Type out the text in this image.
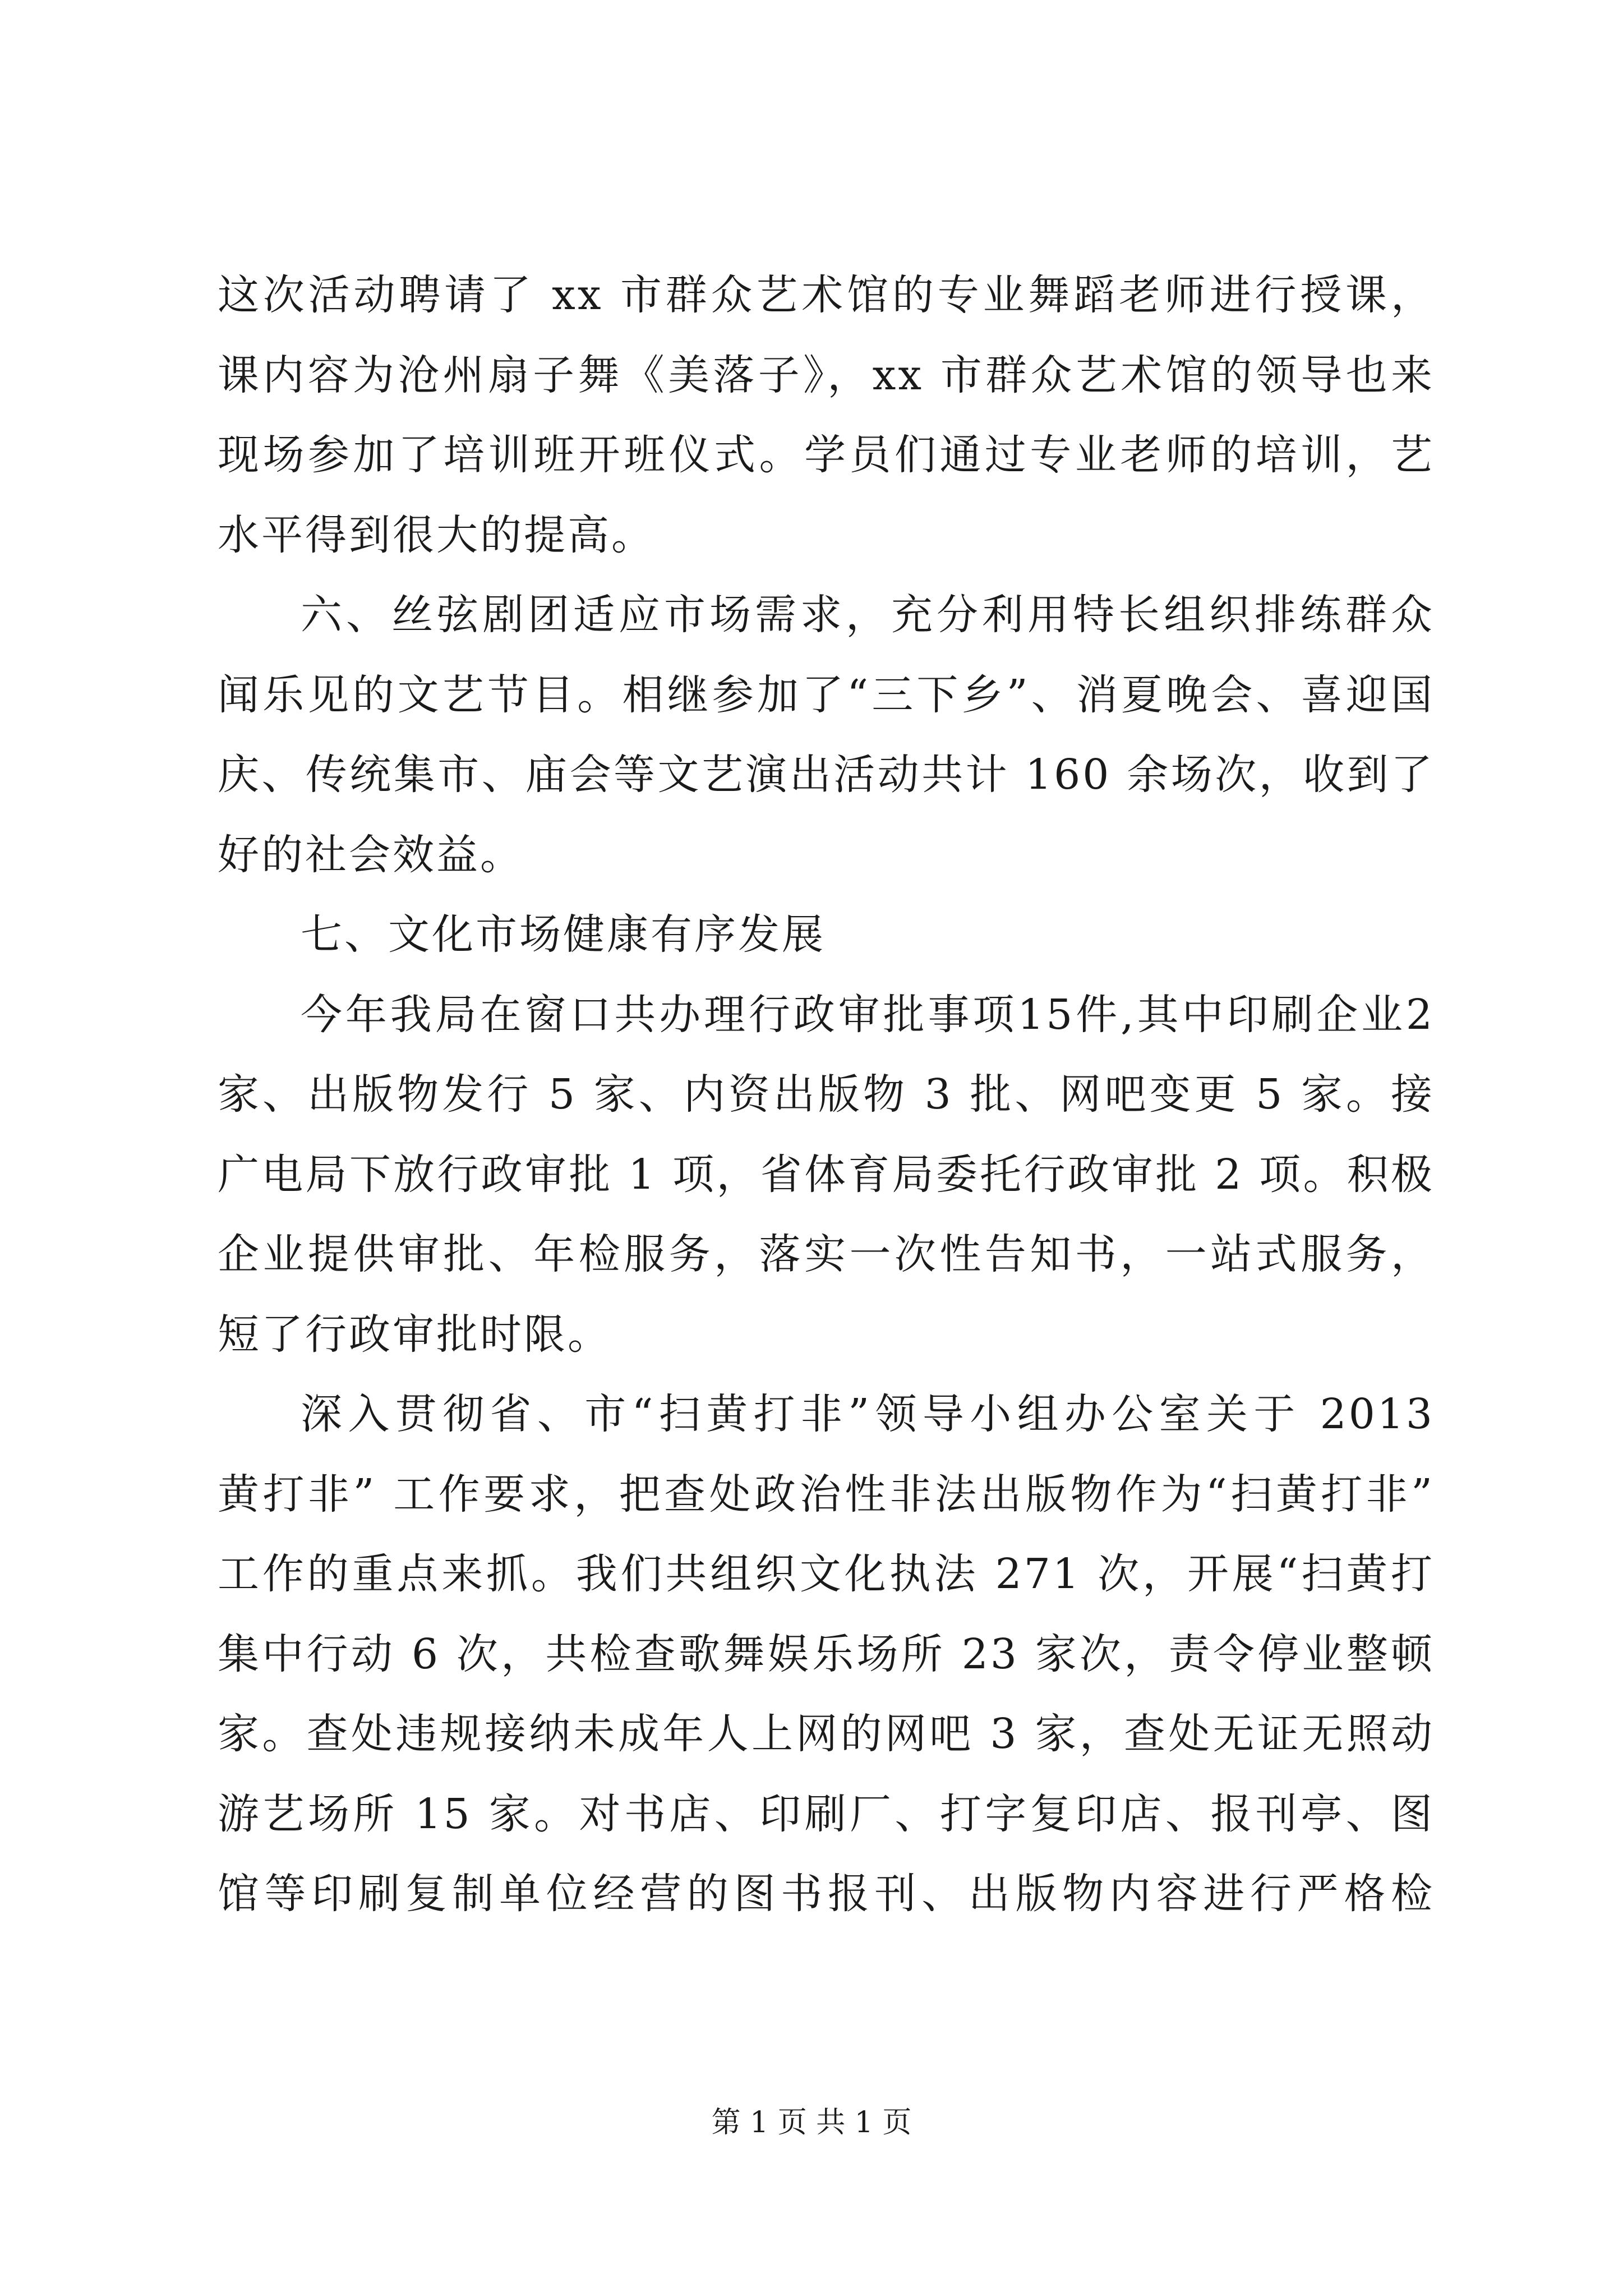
这次活动聘请了 xx 市群众艺术馆的专业舞蹈老师进行授课，
课内容为沧州扇子舞《美落子》，xx 市群众艺术馆的领导也来
现场参加了培训班开班仪式。学员们通过专业老师的培训，艺
水平得到很大的提高。
六、丝弦剧团适应市场需求，充分利用特长组织排练群众
闻乐见的文艺节目。相继参加了“三下乡”、消夏晚会、喜迎国
庆、传统集市、庙会等文艺演出活动共计 160 余场次，收到了
好的社会效益。
七、文化市场健康有序发展
今年我局在窗口共办理行政审批事项15件,其中印刷企业2
家、出版物发行 5 家、内资出版物 3 批、网吧变更 5 家。接
广电局下放行政审批 1 项，省体育局委托行政审批 2 项。积极
企业提供审批、年检服务，落实一次性告知书，一站式服务，
短了行政审批时限。
深入贯彻省、市“扫黄打非”领导小组办公室关于 2013
黄打非” 工作要求，把查处政治性非法出版物作为“扫黄打非”
工作的重点来抓。我们共组织文化执法 271 次，开展“扫黄打
集中行动 6 次，共检查歌舞娱乐场所 23 家次，责令停业整顿
家。查处违规接纳未成年人上网的网吧 3 家，查处无证无照动
游艺场所 15 家。对书店、印刷厂、打字复印店、报刊亭、图
馆等印刷复制单位经营的图书报刊、出版物内容进行严格检
第 1 页 共 1 页
